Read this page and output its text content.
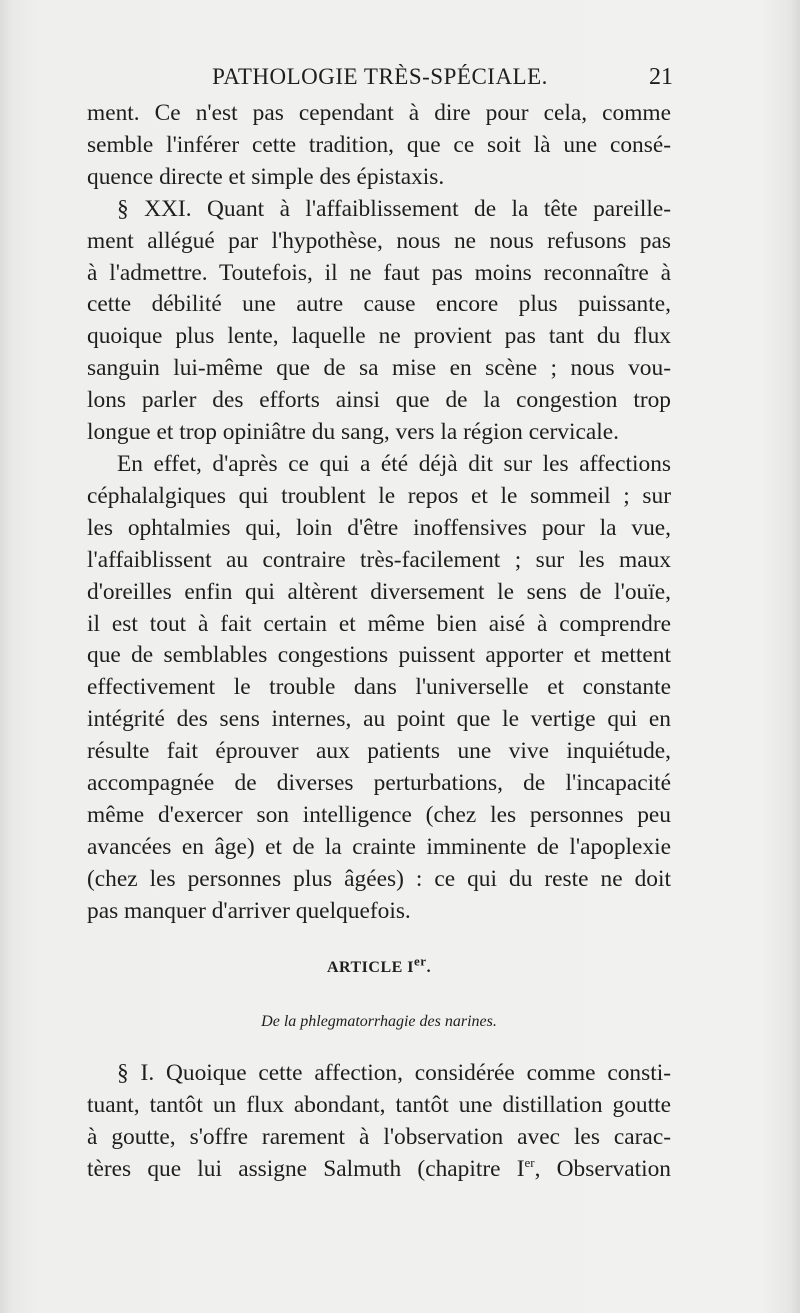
PATHOLOGIE TRÈS-SPÉCIALE.	21

ment. Ce n'est pas cependant à dire pour cela, comme
semble l'inférer cette tradition, que ce soit là une consé-
quence directe et simple des épistaxis.

§ XXI. Quant à l'affaiblissement de la tête pareille-
ment allégué par l'hypothèse, nous ne nous refusons pas
à l'admettre. Toutefois, il ne faut pas moins reconnaître à
cette débilité une autre cause encore plus puissante,
quoique plus lente, laquelle ne provient pas tant du flux
sanguin lui-même que de sa mise en scène ; nous vou-
lons parler des efforts ainsi que de la congestion trop
longue et trop opiniâtre du sang, vers la région cervicale.

En effet, d'après ce qui a été déjà dit sur les affections
céphalalgiques qui troublent le repos et le sommeil ; sur
les ophtalmies qui, loin d'être inoffensives pour la vue,
l'affaiblissent au contraire très-facilement ; sur les maux
d'oreilles enfin qui altèrent diversement le sens de l'ouïe,
il est tout à fait certain et même bien aisé à comprendre
que de semblables congestions puissent apporter et mettent
effectivement le trouble dans l'universelle et constante
intégrité des sens internes, au point que le vertige qui en
résulte fait éprouver aux patients une vive inquiétude,
accompagnée de diverses perturbations, de l'incapacité
même d'exercer son intelligence (chez les personnes peu
avancées en âge) et de la crainte imminente de l'apoplexie
(chez les personnes plus âgées) : ce qui du reste ne doit
pas manquer d'arriver quelquefois.

ARTICLE Ier.
De la phlegmatorrhagie des narines.

§ I. Quoique cette affection, considérée comme consti-
tuant, tantôt un flux abondant, tantôt une distillation goutte
à goutte, s'offre rarement à l'observation avec les carac-
tères que lui assigne Salmuth (chapitre Ier, Observation
